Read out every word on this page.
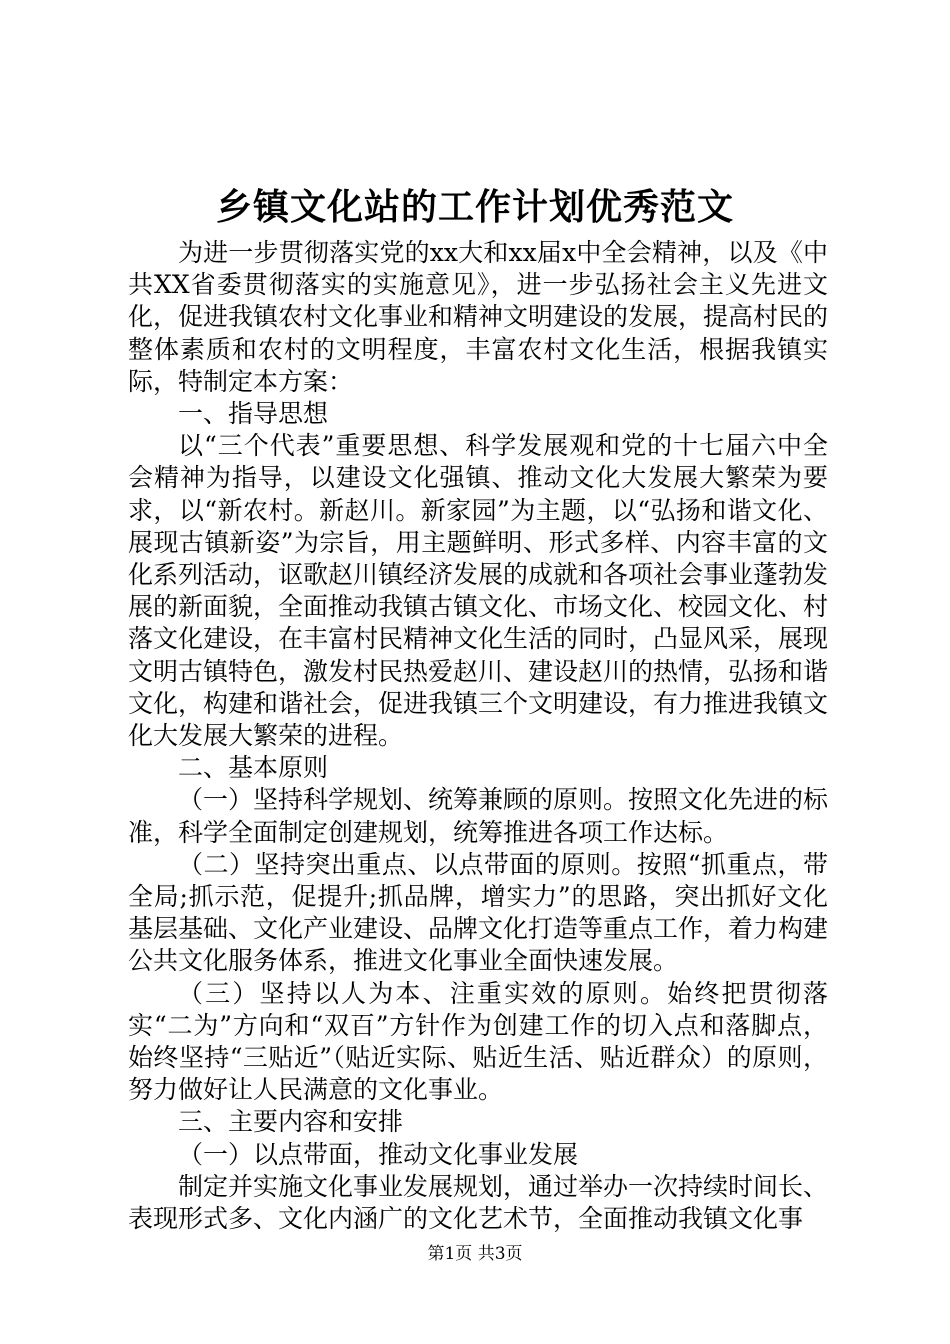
乡镇文化站的工作计划优秀范文

为进一步贯彻落实党的xx大和xx届x中全会精神，以及《中共XX省委贯彻落实的实施意见》，进一步弘扬社会主义先进文化，促进我镇农村文化事业和精神文明建设的发展，提高村民的整体素质和农村的文明程度，丰富农村文化生活，根据我镇实际，特制定本方案：

一、指导思想

以“三个代表”重要思想、科学发展观和党的十七届六中全会精神为指导，以建设文化强镇、推动文化大发展大繁荣为要求，以“新农村。新赵川。新家园”为主题，以“弘扬和谐文化、展现古镇新姿”为宗旨，用主题鲜明、形式多样、内容丰富的文化系列活动，讴歌赵川镇经济发展的成就和各项社会事业蓬勃发展的新面貌，全面推动我镇古镇文化、市场文化、校园文化、村落文化建设，在丰富村民精神文化生活的同时，凸显风采，展现文明古镇特色，激发村民热爱赵川、建设赵川的热情，弘扬和谐文化，构建和谐社会，促进我镇三个文明建设，有力推进我镇文化大发展大繁荣的进程。

二、基本原则

（一）坚持科学规划、统筹兼顾的原则。按照文化先进的标准，科学全面制定创建规划，统筹推进各项工作达标。

（二）坚持突出重点、以点带面的原则。按照“抓重点，带全局;抓示范，促提升;抓品牌，增实力”的思路，突出抓好文化基层基础、文化产业建设、品牌文化打造等重点工作，着力构建公共文化服务体系，推进文化事业全面快速发展。

（三）坚持以人为本、注重实效的原则。始终把贯彻落实“二为”方向和“双百”方针作为创建工作的切入点和落脚点，始终坚持“三贴近”（贴近实际、贴近生活、贴近群众）的原则，努力做好让人民满意的文化事业。

三、主要内容和安排

（一）以点带面，推动文化事业发展

制定并实施文化事业发展规划，通过举办一次持续时间长、表现形式多、文化内涵广的文化艺术节，全面推动我镇文化事

第1页 共3页
